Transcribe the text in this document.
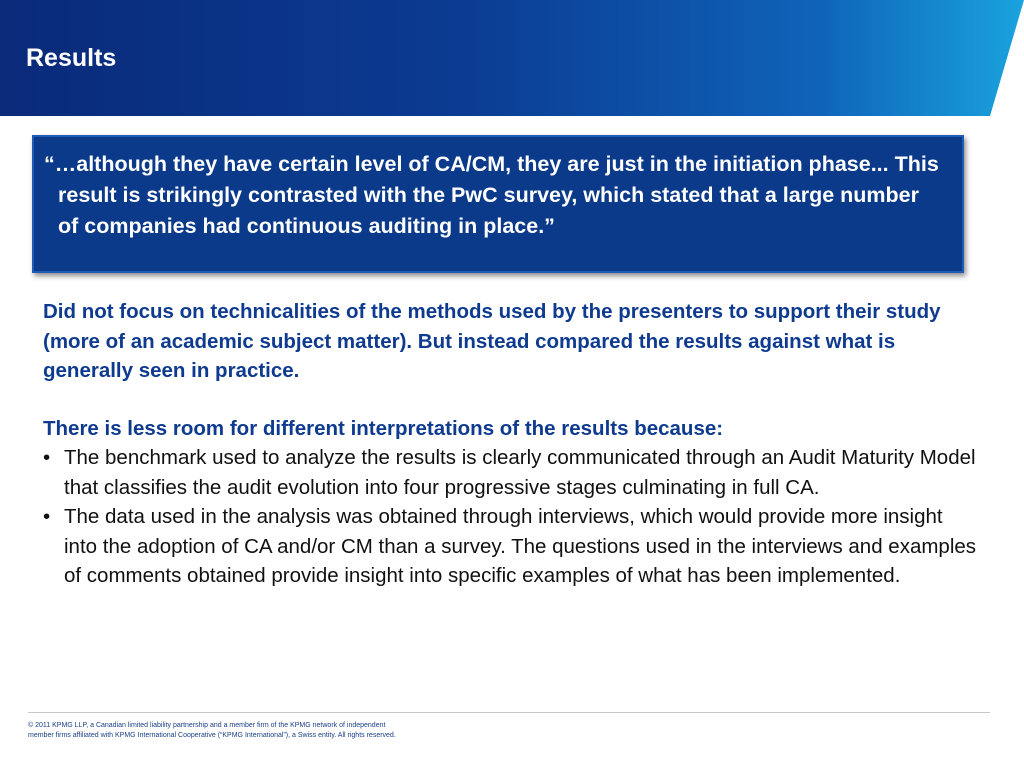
Results

“…although they have certain level of CA/CM, they are just in the initiation phase... This result is strikingly contrasted with the PwC survey, which stated that a large number of companies had continuous auditing in place.”

Did not focus on technicalities of the methods used by the presenters to support their study (more of an academic subject matter). But instead compared the results against what is generally seen in practice.

There is less room for different interpretations of the results because:

• The benchmark used to analyze the results is clearly communicated through an Audit Maturity Model that classifies the audit evolution into four progressive stages culminating in full CA.
• The data used in the analysis was obtained through interviews, which would provide more insight into the adoption of CA and/or CM than a survey. The questions used in the interviews and examples of comments obtained provide insight into specific examples of what has been implemented.

© 2011 KPMG LLP, a Canadian limited liability partnership and a member firm of the KPMG network of independent
member firms affiliated with KPMG International Cooperative (“KPMG International”), a Swiss entity. All rights reserved.
